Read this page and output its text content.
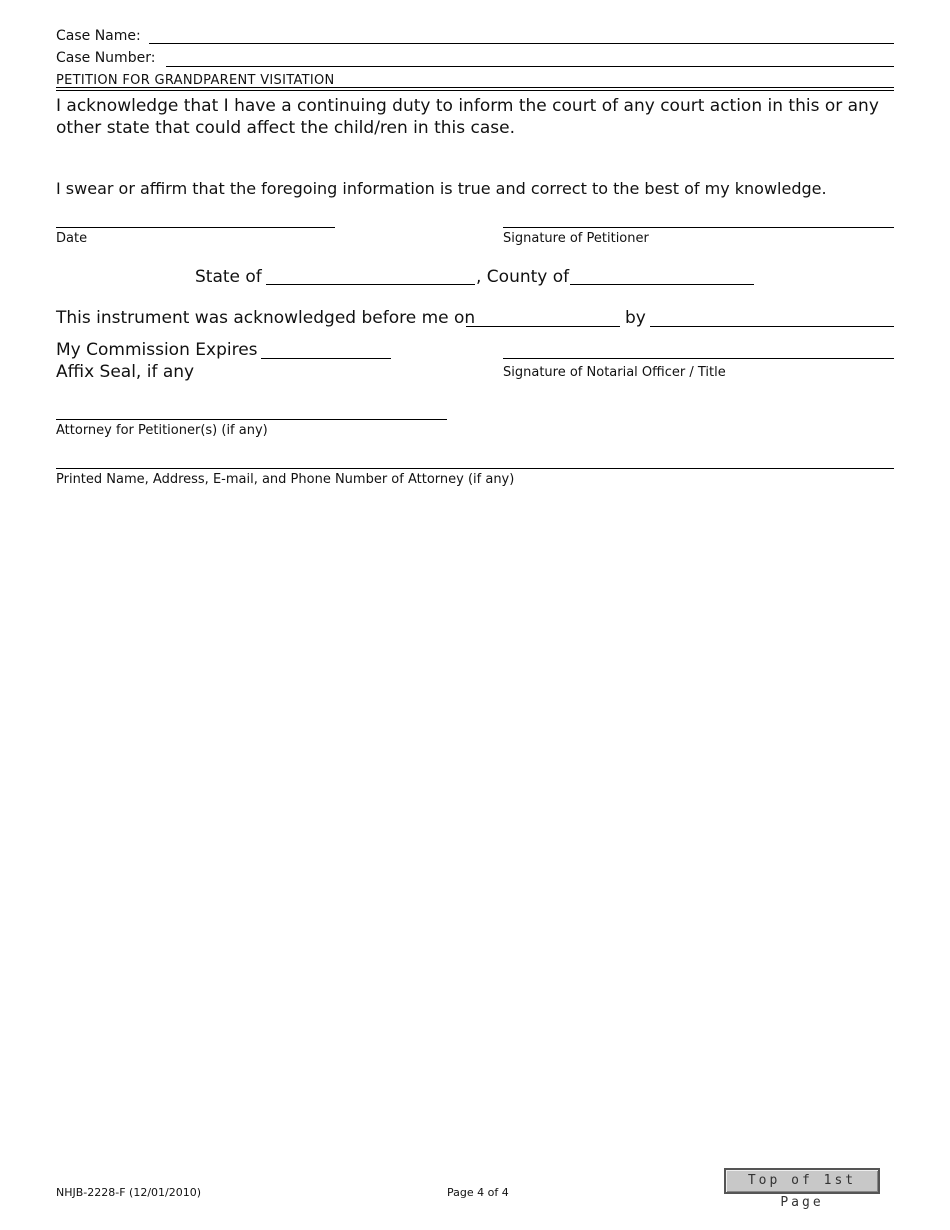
Case Name:
Case Number:
PETITION FOR GRANDPARENT VISITATION
I acknowledge that I have a continuing duty to inform the court of any court action in this or any other state that could affect the child/ren in this case.
I swear or affirm that the foregoing information is true and correct to the best of my knowledge.
Date	Signature of Petitioner
State of	, County of
This instrument was acknowledged before me on	by
My Commission Expires
Affix Seal, if any	Signature of Notarial Officer / Title
Attorney for Petitioner(s) (if any)
Printed Name, Address, E-mail, and Phone Number of Attorney (if any)
NHJB-2228-F (12/01/2010)	Page 4 of 4
Top of 1st Page
